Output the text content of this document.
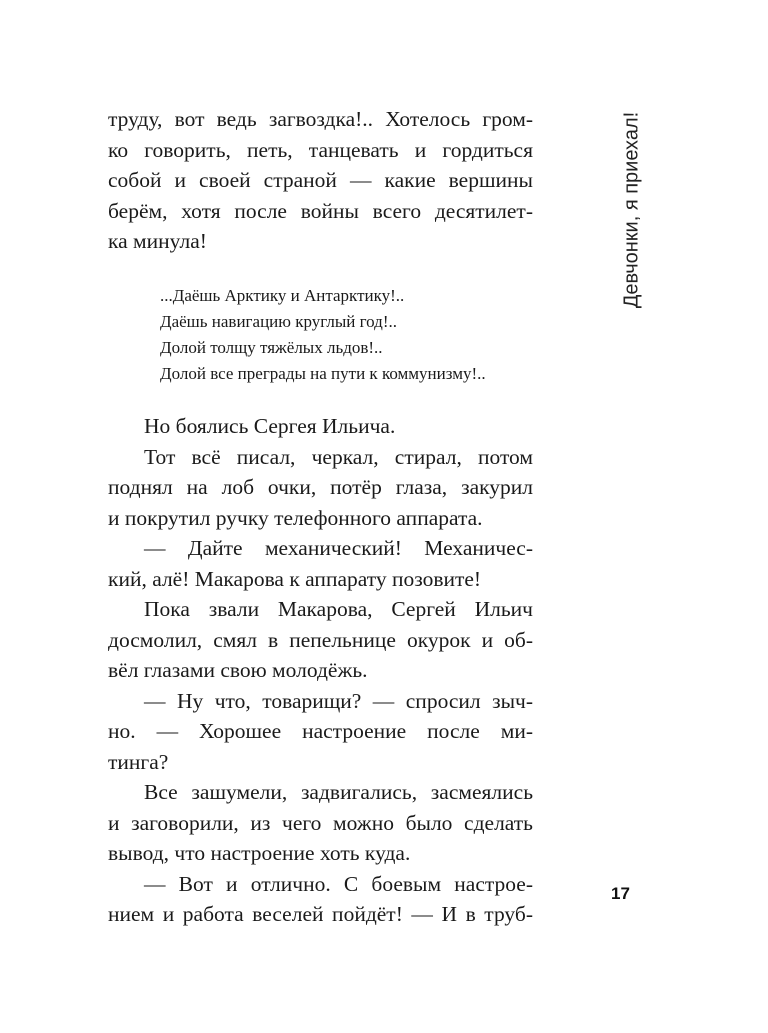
Девчонки, я приехал!
труду, вот ведь загвоздка!.. Хотелось гром-
ко говорить, петь, танцевать и гордиться
собой и своей страной — какие вершины
берём, хотя после войны всего десятилет-
ка минула!
...Даёшь Арктику и Антарктику!..
Даёшь навигацию круглый год!..
Долой толщу тяжёлых льдов!..
Долой все преграды на пути к коммунизму!..
Но боялись Сергея Ильича.
Тот всё писал, черкал, стирал, потом
поднял на лоб очки, потёр глаза, закурил
и покрутил ручку телефонного аппарата.
— Дайте механический! Механичес-
кий, алё! Макарова к аппарату позовите!
Пока звали Макарова, Сергей Ильич
досмолил, смял в пепельнице окурок и об-
вёл глазами свою молодёжь.
— Ну что, товарищи? — спросил зыч-
но. — Хорошее настроение после ми-
тинга?
Все зашумели, задвигались, засмеялись
и заговорили, из чего можно было сделать
вывод, что настроение хоть куда.
— Вот и отлично. С боевым настрое-
нием и работа веселей пойдёт! — И в труб-
17
